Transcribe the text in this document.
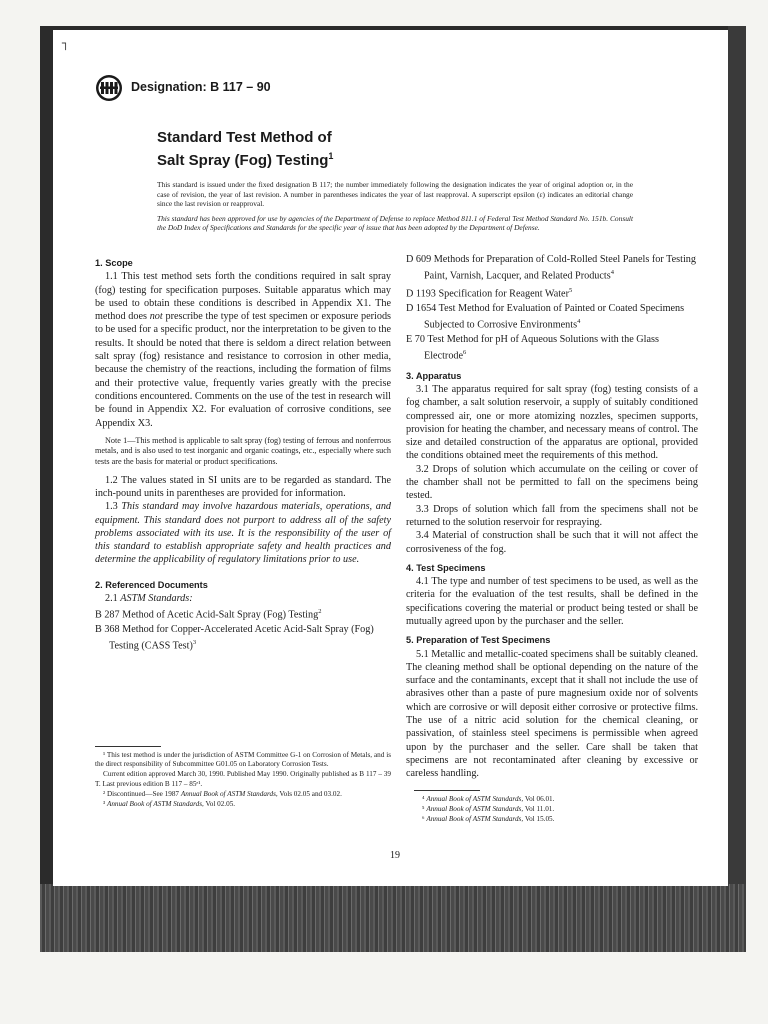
┐
Designation: B 117 – 90
Standard Test Method of
Salt Spray (Fog) Testing$^1$

This standard is issued under the fixed designation B 117; the number immediately following the designation indicates the year of original adoption or, in the case of revision, the year of last revision. A number in parentheses indicates the year of last reapproval. A superscript epsilon (ε) indicates an editorial change since the last revision or reapproval.

This standard has been approved for use by agencies of the Department of Defense to replace Method 811.1 of Federal Test Method Standard No. 151b. Consult the DoD Index of Specifications and Standards for the specific year of issue that has been adopted by the Department of Defense.

1. Scope

1.1 This test method sets forth the conditions required in salt spray (fog) testing for specification purposes. Suitable apparatus which may be used to obtain these conditions is described in Appendix X1. The method does not prescribe the type of test specimen or exposure periods to be used for a specific product, nor the interpretation to be given to the results. It should be noted that there is seldom a direct relation between salt spray (fog) resistance and resistance to corrosion in other media, because the chemistry of the reactions, including the formation of films and their protective value, frequently varies greatly with the precise conditions encountered. Comments on the use of the test in research will be found in Appendix X2. For evaluation of corrosive conditions, see Appendix X3.

Note 1—This method is applicable to salt spray (fog) testing of ferrous and nonferrous metals, and is also used to test inorganic and organic coatings, etc., especially where such tests are the basis for material or product specifications.

1.2 The values stated in SI units are to be regarded as standard. The inch-pound units in parentheses are provided for information.

1.3 This standard may involve hazardous materials, operations, and equipment. This standard does not purport to address all of the safety problems associated with its use. It is the responsibility of the user of this standard to establish appropriate safety and health practices and determine the applicability of regulatory limitations prior to use.

2. Referenced Documents

2.1 ASTM Standards:

B 287 Method of Acetic Acid-Salt Spray (Fog) Testing$^2$
B 368 Method for Copper-Accelerated Acetic Acid-Salt Spray (Fog) Testing (CASS Test)$^3$

¹ This test method is under the jurisdiction of ASTM Committee G-1 on Corrosion of Metals, and is the direct responsibility of Subcommittee G01.05 on Laboratory Corrosion Tests.

Current edition approved March 30, 1990. Published May 1990. Originally published as B 117 – 39 T. Last previous edition B 117 – 85ᵉ¹.

² Discontinued—See 1987 Annual Book of ASTM Standards, Vols 02.05 and 03.02.

³ Annual Book of ASTM Standards, Vol 02.05.

D 609 Methods for Preparation of Cold-Rolled Steel Panels for Testing Paint, Varnish, Lacquer, and Related Products$^4$
D 1193 Specification for Reagent Water$^5$
D 1654 Test Method for Evaluation of Painted or Coated Specimens Subjected to Corrosive Environments$^4$
E 70 Test Method for pH of Aqueous Solutions with the Glass Electrode$^6$

3. Apparatus

3.1 The apparatus required for salt spray (fog) testing consists of a fog chamber, a salt solution reservoir, a supply of suitably conditioned compressed air, one or more atomizing nozzles, specimen supports, provision for heating the chamber, and necessary means of control. The size and detailed construction of the apparatus are optional, provided the conditions obtained meet the requirements of this method.

3.2 Drops of solution which accumulate on the ceiling or cover of the chamber shall not be permitted to fall on the specimens being tested.

3.3 Drops of solution which fall from the specimens shall not be returned to the solution reservoir for respraying.

3.4 Material of construction shall be such that it will not affect the corrosiveness of the fog.

4. Test Specimens

4.1 The type and number of test specimens to be used, as well as the criteria for the evaluation of the test results, shall be defined in the specifications covering the material or product being tested or shall be mutually agreed upon by the purchaser and the seller.

5. Preparation of Test Specimens

5.1 Metallic and metallic-coated specimens shall be suitably cleaned. The cleaning method shall be optional depending on the nature of the surface and the contaminants, except that it shall not include the use of abrasives other than a paste of pure magnesium oxide nor of solvents which are corrosive or will deposit either corrosive or protective films. The use of a nitric acid solution for the chemical cleaning, or passivation, of stainless steel specimens is permissible when agreed upon by the purchaser and the seller. Care shall be taken that specimens are not recontaminated after cleaning by excessive or careless handling.

⁴ Annual Book of ASTM Standards, Vol 06.01.

⁵ Annual Book of ASTM Standards, Vol 11.01.

⁶ Annual Book of ASTM Standards, Vol 15.05.

19
